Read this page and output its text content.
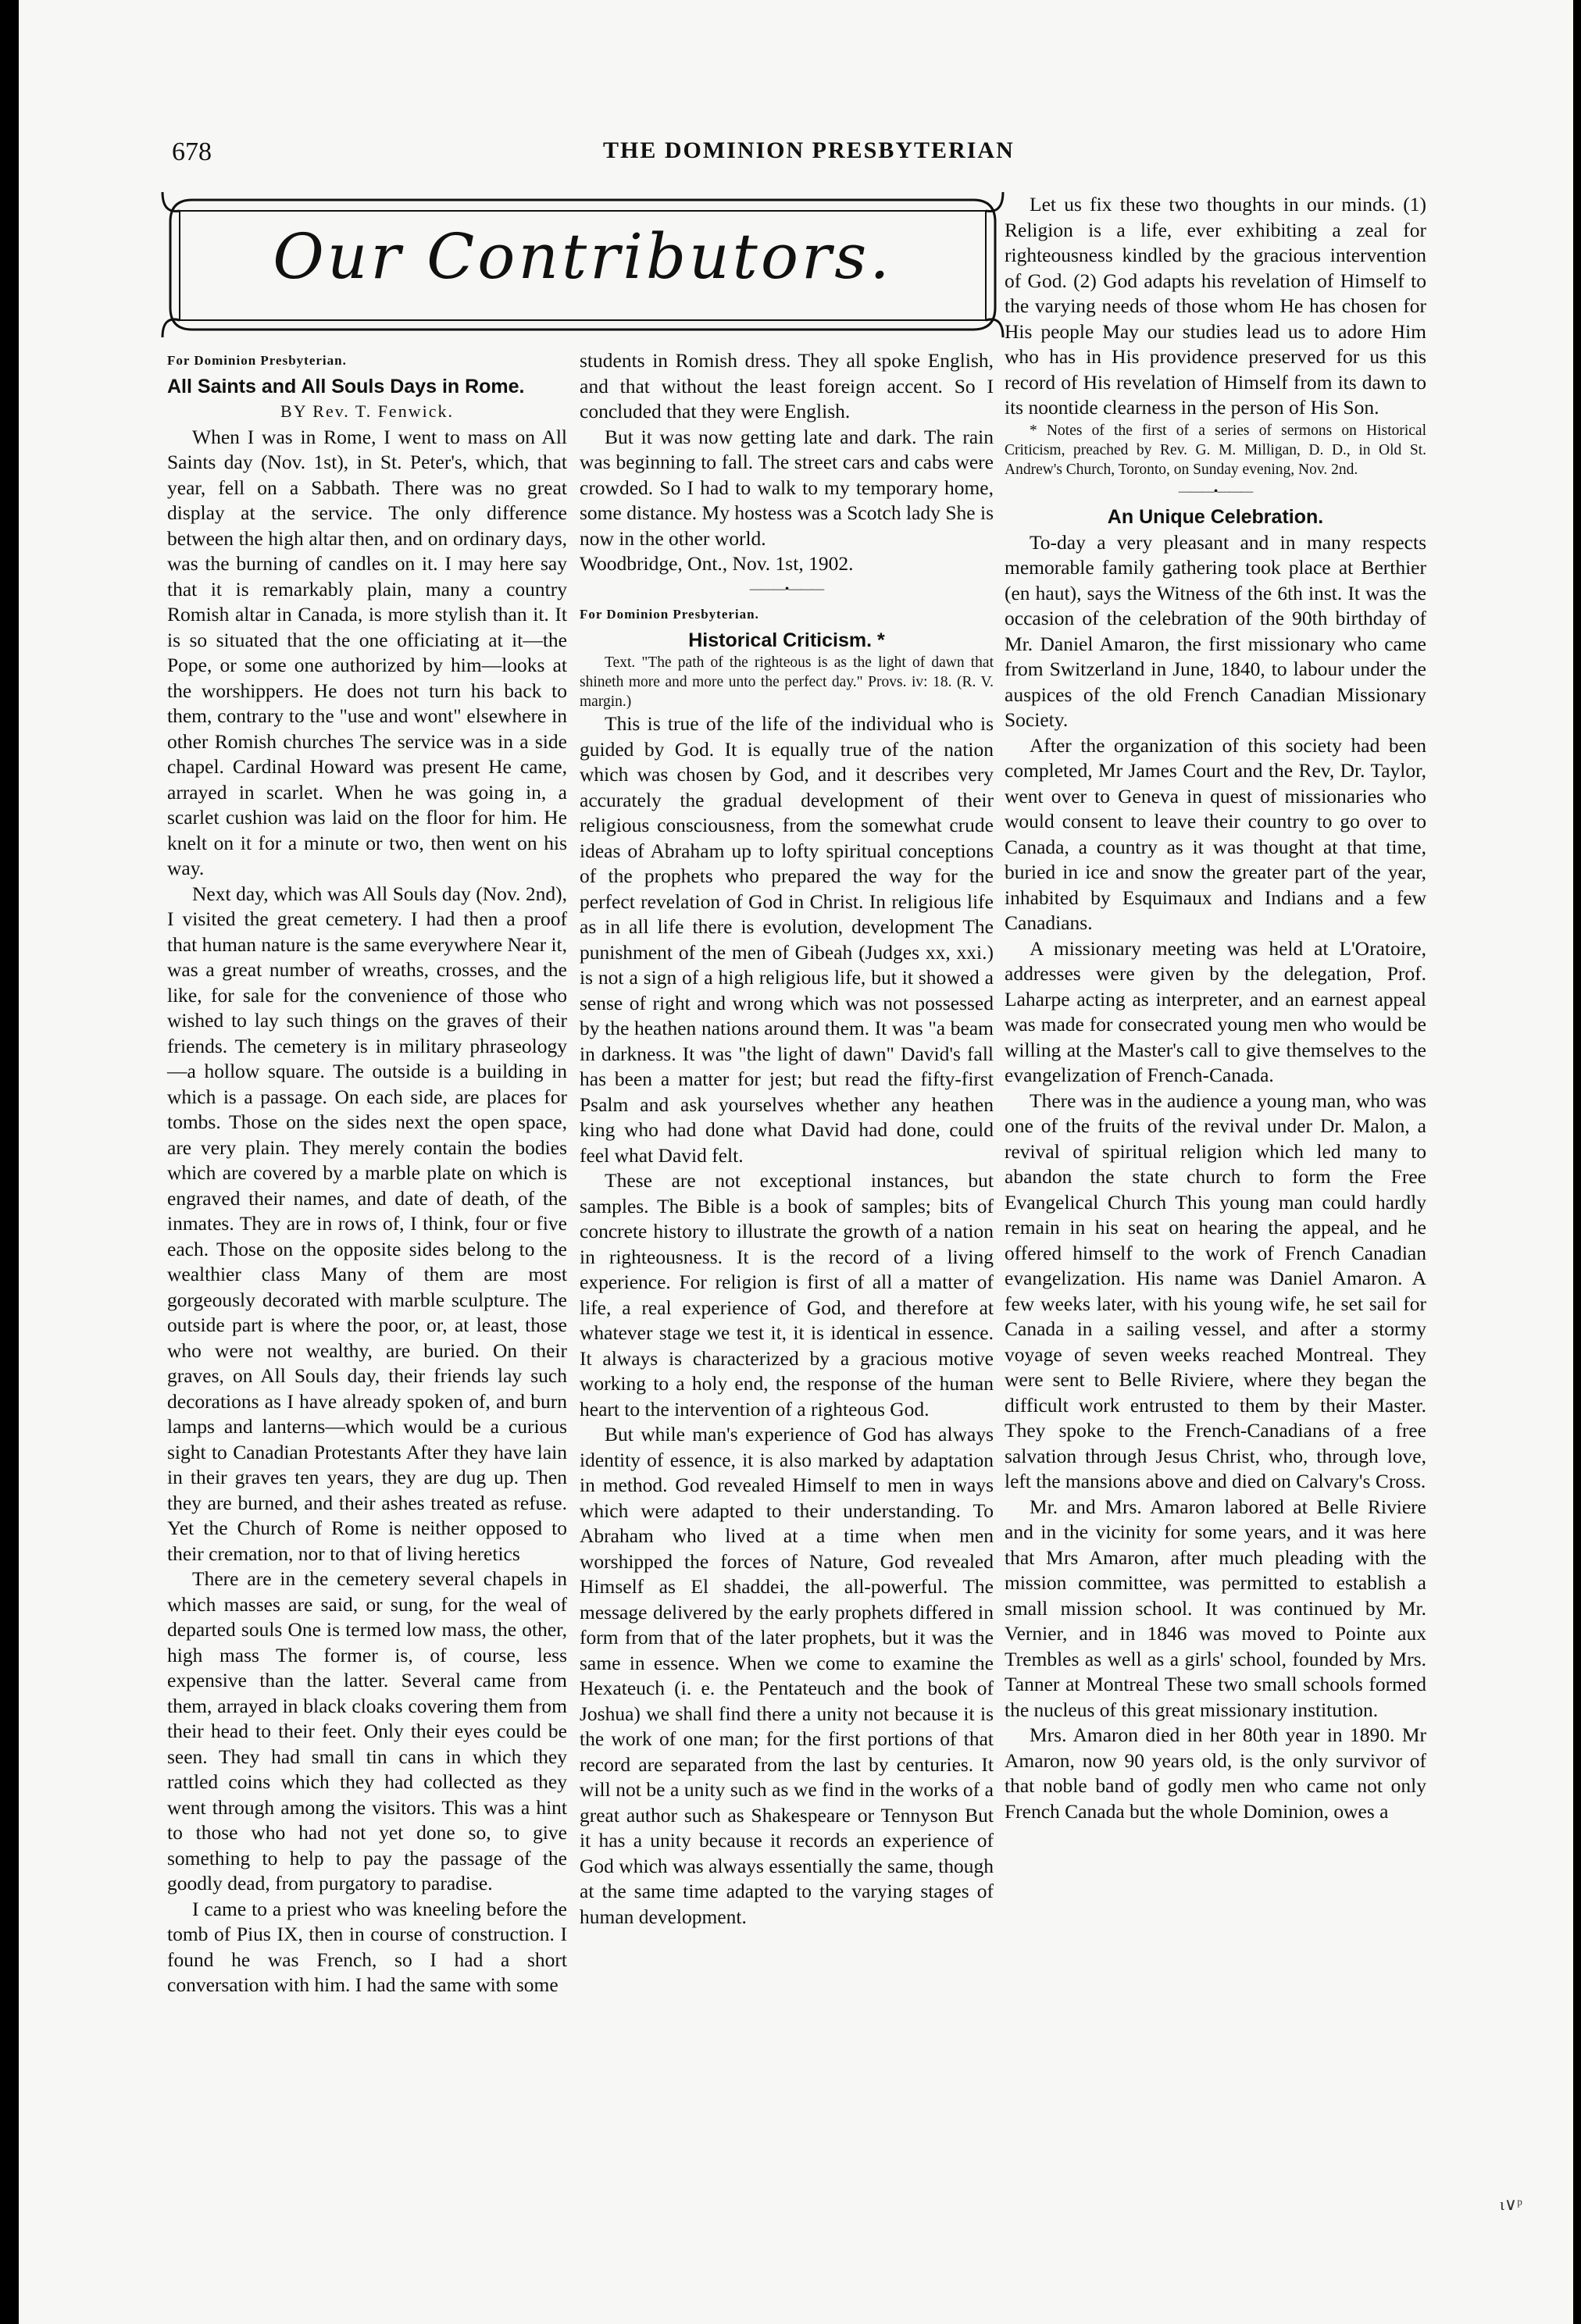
678	THE DOMINION PRESBYTERIAN
Our Contributors.

For Dominion Presbyterian.

All Saints and All Souls Days in Rome.

BY Rev. T. Fenwick.

When I was in Rome, I went to mass on All Saints day (Nov. 1st), in St. Peter's, which, that year, fell on a Sabbath. There was no great display at the service. The only difference between the high altar then, and on ordinary days, was the burning of candles on it. I may here say that it is remarkably plain, many a country Romish altar in Canada, is more stylish than it. It is so situated that the one officiating at it—the Pope, or some one authorized by him—looks at the worshippers. He does not turn his back to them, contrary to the "use and wont" elsewhere in other Romish churches The service was in a side chapel. Cardinal Howard was present He came, arrayed in scarlet. When he was going in, a scarlet cushion was laid on the floor for him. He knelt on it for a minute or two, then went on his way.

Next day, which was All Souls day (Nov. 2nd), I visited the great cemetery. I had then a proof that human nature is the same everywhere Near it, was a great number of wreaths, crosses, and the like, for sale for the convenience of those who wished to lay such things on the graves of their friends. The cemetery is in military phraseology—a hollow square. The outside is a building in which is a passage. On each side, are places for tombs. Those on the sides next the open space, are very plain. They merely contain the bodies which are covered by a marble plate on which is engraved their names, and date of death, of the inmates. They are in rows of, I think, four or five each. Those on the opposite sides belong to the wealthier class Many of them are most gorgeously decorated with marble sculpture. The outside part is where the poor, or, at least, those who were not wealthy, are buried. On their graves, on All Souls day, their friends lay such decorations as I have already spoken of, and burn lamps and lanterns—which would be a curious sight to Canadian Protestants After they have lain in their graves ten years, they are dug up. Then they are burned, and their ashes treated as refuse. Yet the Church of Rome is neither opposed to their cremation, nor to that of living heretics

There are in the cemetery several chapels in which masses are said, or sung, for the weal of departed souls One is termed low mass, the other, high mass The former is, of course, less expensive than the latter. Several came from them, arrayed in black cloaks covering them from their head to their feet. Only their eyes could be seen. They had small tin cans in which they rattled coins which they had collected as they went through among the visitors. This was a hint to those who had not yet done so, to give something to help to pay the passage of the goodly dead, from purgatory to paradise.

I came to a priest who was kneeling before the tomb of Pius IX, then in course of construction. I found he was French, so I had a short conversation with him. I had the same with some

students in Romish dress. They all spoke English, and that without the least foreign accent. So I concluded that they were English.

But it was now getting late and dark. The rain was beginning to fall. The street cars and cabs were crowded. So I had to walk to my temporary home, some distance. My hostess was a Scotch lady She is now in the other world.

Woodbridge, Ont., Nov. 1st, 1902.

———•———

For Dominion Presbyterian.

Historical Criticism. *

Text. "The path of the righteous is as the light of dawn that shineth more and more unto the perfect day." Provs. iv: 18. (R. V. margin.)

This is true of the life of the individual who is guided by God. It is equally true of the nation which was chosen by God, and it describes very accurately the gradual development of their religious consciousness, from the somewhat crude ideas of Abraham up to lofty spiritual conceptions of the prophets who prepared the way for the perfect revelation of God in Christ. In religious life as in all life there is evolution, development The punishment of the men of Gibeah (Judges xx, xxi.) is not a sign of a high religious life, but it showed a sense of right and wrong which was not possessed by the heathen nations around them. It was "a beam in darkness. It was "the light of dawn" David's fall has been a matter for jest; but read the fifty-first Psalm and ask yourselves whether any heathen king who had done what David had done, could feel what David felt.

These are not exceptional instances, but samples. The Bible is a book of samples; bits of concrete history to illustrate the growth of a nation in righteousness. It is the record of a living experience. For religion is first of all a matter of life, a real experience of God, and therefore at whatever stage we test it, it is identical in essence. It always is characterized by a gracious motive working to a holy end, the response of the human heart to the intervention of a righteous God.

But while man's experience of God has always identity of essence, it is also marked by adaptation in method. God revealed Himself to men in ways which were adapted to their understanding. To Abraham who lived at a time when men worshipped the forces of Nature, God revealed Himself as El shaddei, the all-powerful. The message delivered by the early prophets differed in form from that of the later prophets, but it was the same in essence. When we come to examine the Hexateuch (i. e. the Pentateuch and the book of Joshua) we shall find there a unity not because it is the work of one man; for the first portions of that record are separated from the last by centuries. It will not be a unity such as we find in the works of a great author such as Shakespeare or Tennyson But it has a unity because it records an experience of God which was always essentially the same, though at the same time adapted to the varying stages of human development.

Let us fix these two thoughts in our minds. (1) Religion is a life, ever exhibiting a zeal for righteousness kindled by the gracious intervention of God. (2) God adapts his revelation of Himself to the varying needs of those whom He has chosen for His people May our studies lead us to adore Him who has in His providence preserved for us this record of His revelation of Himself from its dawn to its noontide clearness in the person of His Son.

* Notes of the first of a series of sermons on Historical Criticism, preached by Rev. G. M. Milligan, D. D., in Old St. Andrew's Church, Toronto, on Sunday evening, Nov. 2nd.

———•———

An Unique Celebration.

To-day a very pleasant and in many respects memorable family gathering took place at Berthier (en haut), says the Witness of the 6th inst. It was the occasion of the celebration of the 90th birthday of Mr. Daniel Amaron, the first missionary who came from Switzerland in June, 1840, to labour under the auspices of the old French Canadian Missionary Society.

After the organization of this society had been completed, Mr James Court and the Rev, Dr. Taylor, went over to Geneva in quest of missionaries who would consent to leave their country to go over to Canada, a country as it was thought at that time, buried in ice and snow the greater part of the year, inhabited by Esquimaux and Indians and a few Canadians.

A missionary meeting was held at L'Oratoire, addresses were given by the delegation, Prof. Laharpe acting as interpreter, and an earnest appeal was made for consecrated young men who would be willing at the Master's call to give themselves to the evangelization of French-Canada.

There was in the audience a young man, who was one of the fruits of the revival under Dr. Malon, a revival of spiritual religion which led many to abandon the state church to form the Free Evangelical Church This young man could hardly remain in his seat on hearing the appeal, and he offered himself to the work of French Canadian evangelization. His name was Daniel Amaron. A few weeks later, with his young wife, he set sail for Canada in a sailing vessel, and after a stormy voyage of seven weeks reached Montreal. They were sent to Belle Riviere, where they began the difficult work entrusted to them by their Master. They spoke to the French-Canadians of a free salvation through Jesus Christ, who, through love, left the mansions above and died on Calvary's Cross.

Mr. and Mrs. Amaron labored at Belle Riviere and in the vicinity for some years, and it was here that Mrs Amaron, after much pleading with the mission committee, was permitted to establish a small mission school. It was continued by Mr. Vernier, and in 1846 was moved to Pointe aux Trembles as well as a girls' school, founded by Mrs. Tanner at Montreal These two small schools formed the nucleus of this great missionary institution.

Mrs. Amaron died in her 80th year in 1890. Mr Amaron, now 90 years old, is the only survivor of that noble band of godly men who came not only French Canada but the whole Dominion, owes a

ι∨ᵖ
